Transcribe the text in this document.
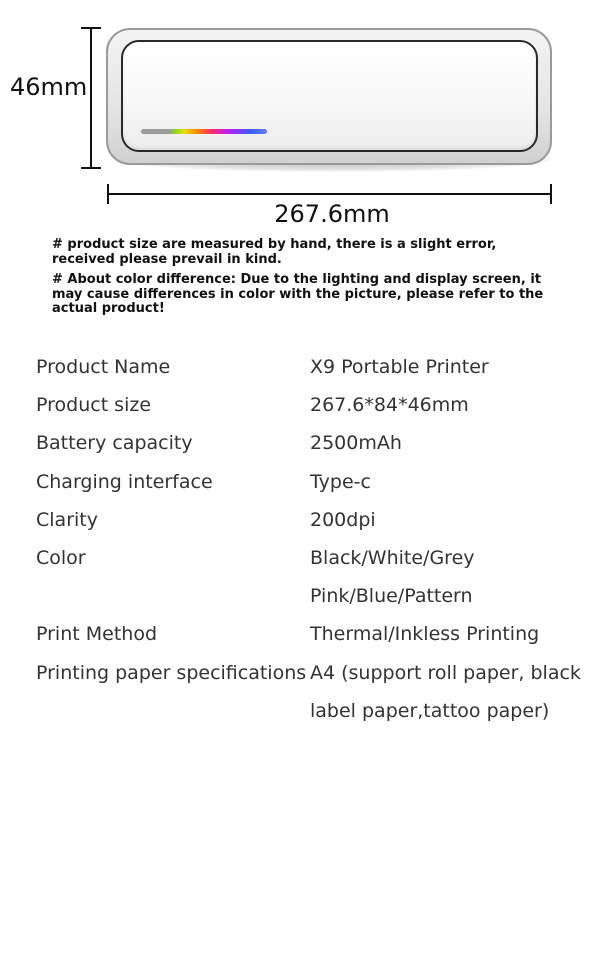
46mm
267.6mm

# product size are measured by hand, there is a slight error, received please prevail in kind.

# About color difference: Due to the lighting and display screen, it may cause differences in color with the picture, please refer to the actual product!

Product Name	X9 Portable Printer
Product size	267.6*84*46mm
Battery capacity	2500mAh
Charging interface	Type-c
Clarity	200dpi
Color	Black/White/Grey
Pink/Blue/Pattern
Print Method	Thermal/Inkless Printing
Printing paper specifications A4 (support roll paper, black
label paper,tattoo paper)
